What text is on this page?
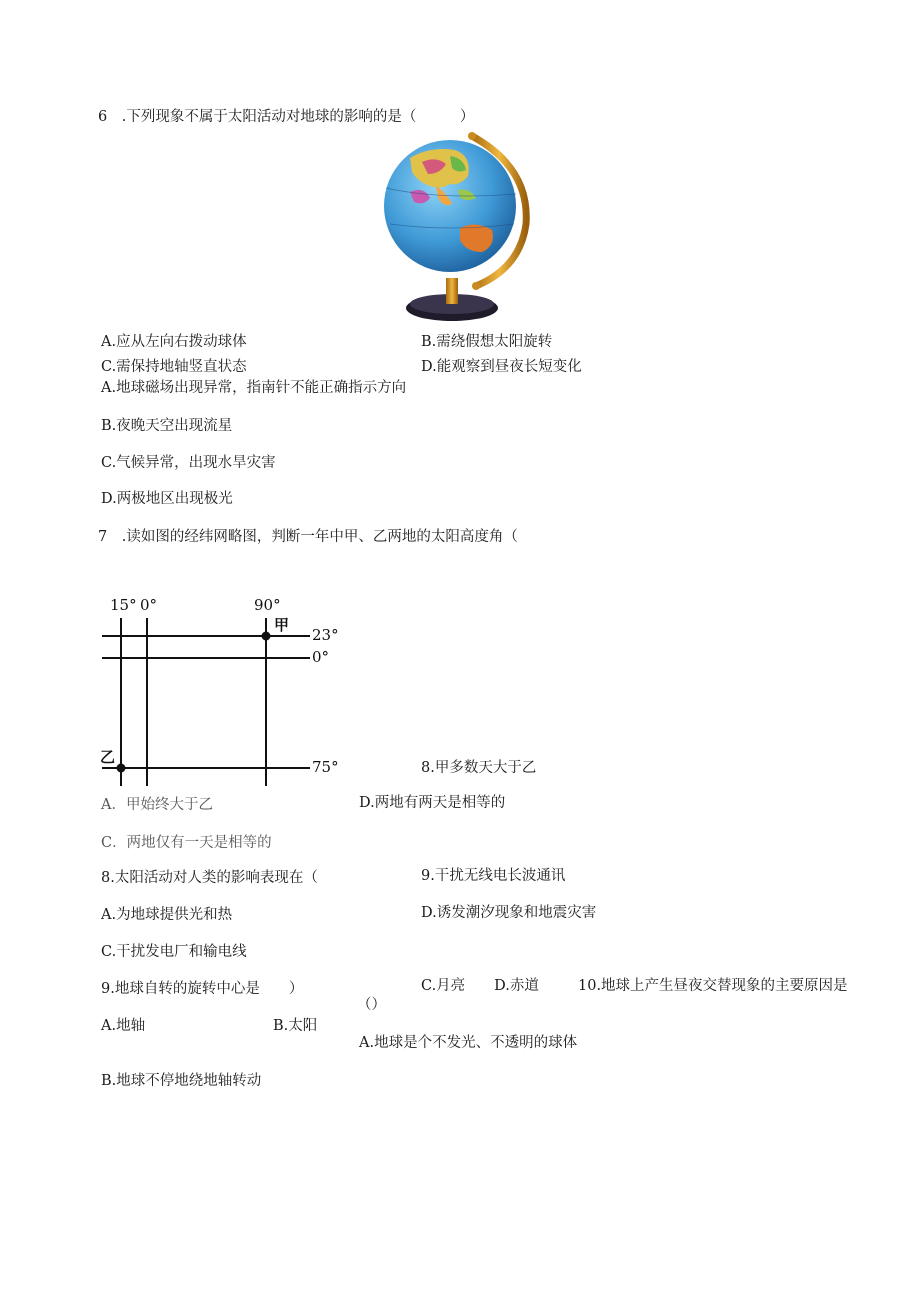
6　.下列现象不属于太阳活动对地球的影响的是（　　　）
A.应从左向右拨动球体	B.需绕假想太阳旋转
C.需保持地轴竖直状态	D.能观察到昼夜长短变化
A.地球磁场出现异常，指南针不能正确指示方向
B.夜晚天空出现流星
C.气候异常，出现水旱灾害
D.两极地区出现极光
7　.读如图的经纬网略图，判断一年中甲、乙两地的太阳高度角（
15° 0°	90°
23°
0°
75°
甲
乙
8.甲多数天大于乙
A．甲始终大于乙	D.两地有两天是相等的
C．两地仅有一天是相等的
8.太阳活动对人类的影响表现在（	9.干扰无线电长波通讯
A.为地球提供光和热	D.诱发潮汐现象和地震灾害
C.干扰发电厂和输电线
9.地球自转的旋转中心是　　）	C.月亮　　D.赤道	10.地球上产生昼夜交替现象的主要原因是
（）
A.地轴	B.太阳
A.地球是个不发光、不透明的球体
B.地球不停地绕地轴转动
